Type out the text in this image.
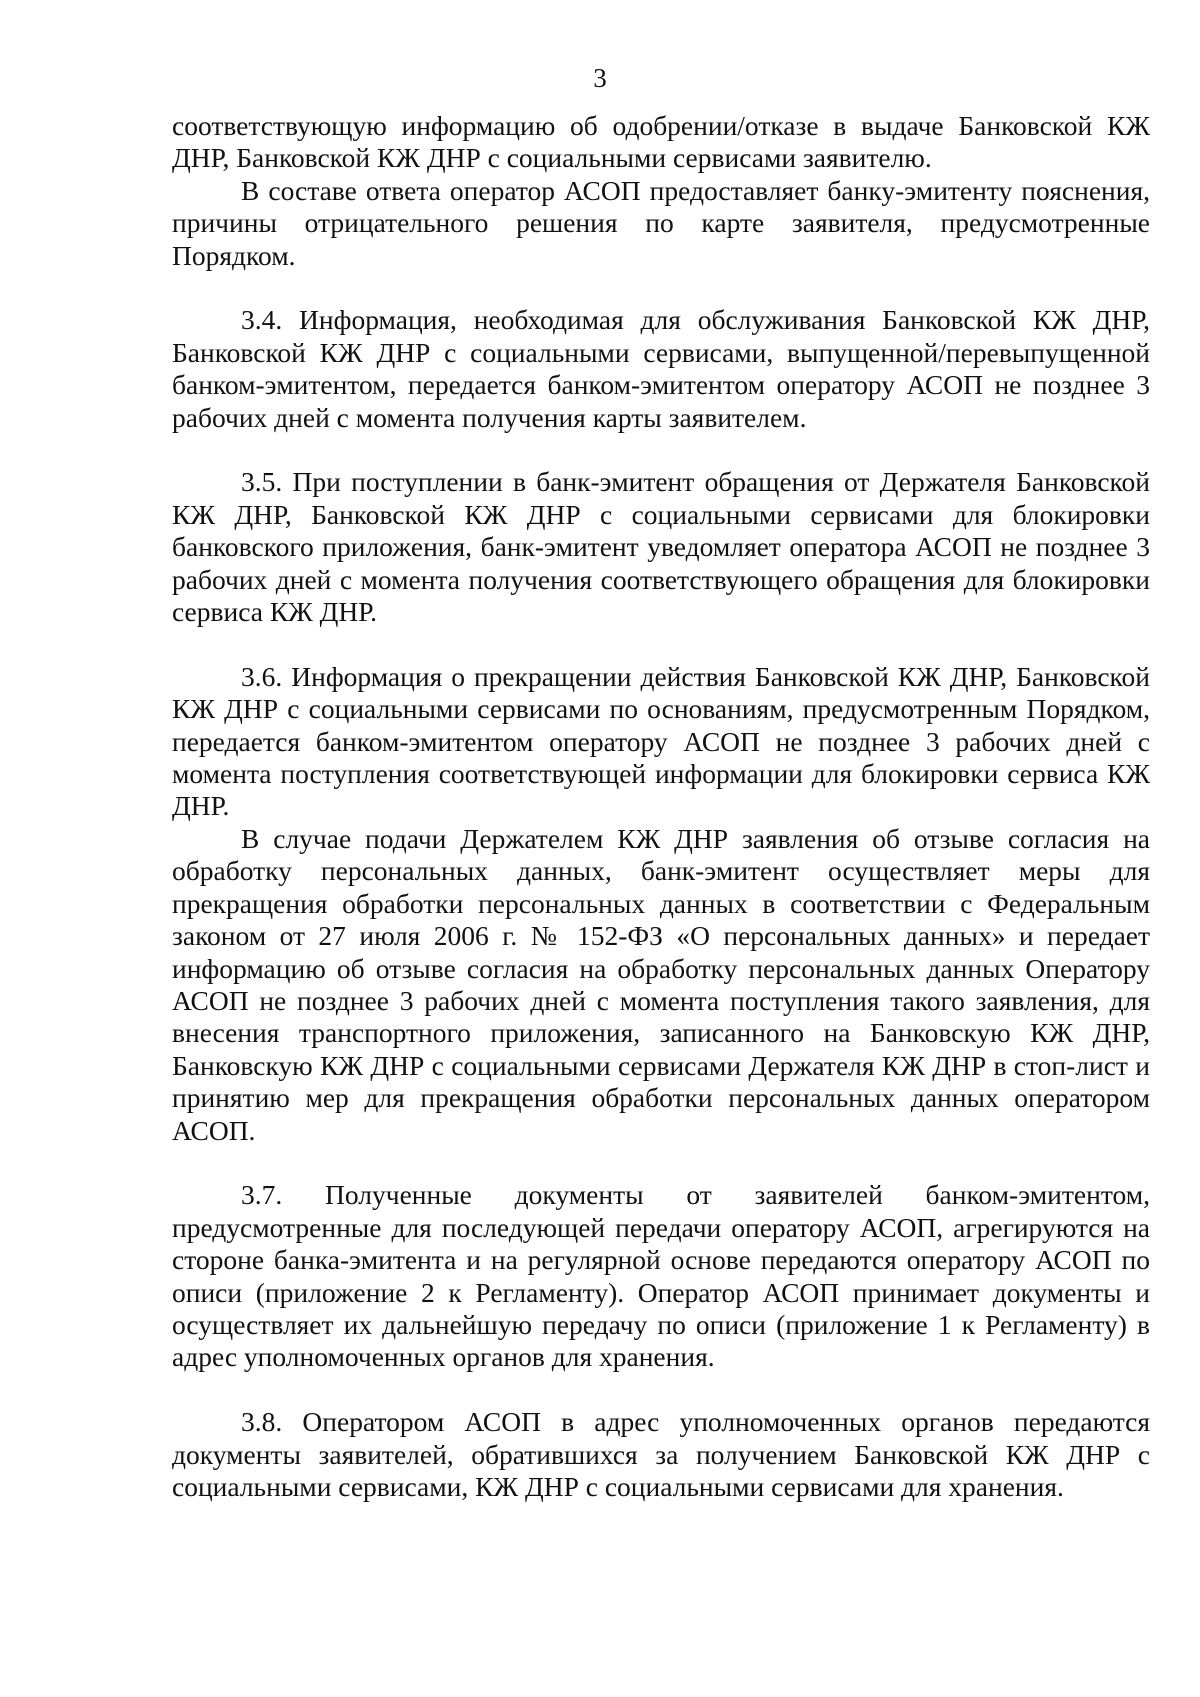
3

соответствующую информацию об одобрении/отказе в выдаче Банковской КЖ ДНР, Банковской КЖ ДНР с социальными сервисами заявителю.

В составе ответа оператор АСОП предоставляет банку-эмитенту пояснения, причины отрицательного решения по карте заявителя, предусмотренные Порядком.

3.4. Информация, необходимая для обслуживания Банковской КЖ ДНР, Банковской КЖ ДНР с социальными сервисами, выпущенной/перевыпущенной банком-эмитентом, передается банком-эмитентом оператору АСОП не позднее 3 рабочих дней с момента получения карты заявителем.

3.5. При поступлении в банк-эмитент обращения от Держателя Банковской КЖ ДНР, Банковской КЖ ДНР с социальными сервисами для блокировки банковского приложения, банк-эмитент уведомляет оператора АСОП не позднее 3 рабочих дней с момента получения соответствующего обращения для блокировки сервиса КЖ ДНР.

3.6. Информация о прекращении действия Банковской КЖ ДНР, Банковской КЖ ДНР с социальными сервисами по основаниям, предусмотренным Порядком, передается банком-эмитентом оператору АСОП не позднее 3 рабочих дней с момента поступления соответствующей информации для блокировки сервиса КЖ ДНР.

В случае подачи Держателем КЖ ДНР заявления об отзыве согласия на обработку персональных данных, банк-эмитент осуществляет меры для прекращения обработки персональных данных в соответствии с Федеральным законом от 27 июля 2006 г. № 152-ФЗ «О персональных данных» и передает информацию об отзыве согласия на обработку персональных данных Оператору АСОП не позднее 3 рабочих дней с момента поступления такого заявления, для внесения транспортного приложения, записанного на Банковскую КЖ ДНР, Банковскую КЖ ДНР с социальными сервисами Держателя КЖ ДНР в стоп-лист и принятию мер для прекращения обработки персональных данных оператором АСОП.

3.7. Полученные документы от заявителей банком-эмитентом, предусмотренные для последующей передачи оператору АСОП, агрегируются на стороне банка-эмитента и на регулярной основе передаются оператору АСОП по описи (приложение 2 к Регламенту). Оператор АСОП принимает документы и осуществляет их дальнейшую передачу по описи (приложение 1 к Регламенту) в адрес уполномоченных органов для хранения.

3.8. Оператором АСОП в адрес уполномоченных органов передаются документы заявителей, обратившихся за получением Банковской КЖ ДНР с социальными сервисами, КЖ ДНР с социальными сервисами для хранения.
